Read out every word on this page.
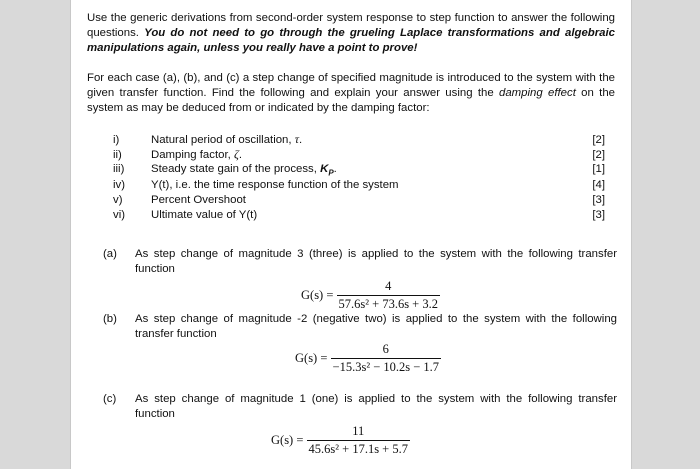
Use the generic derivations from second-order system response to step function to answer the following
questions. You do not need to go through the grueling Laplace transformations and algebraic
manipulations again, unless you really have a point to prove!
For each case (a), (b), and (c) a step change of specified magnitude is introduced to the system with the
given transfer function. Find the following and explain your answer using the damping effect on the
system as may be deduced from or indicated by the damping factor:
i)	Natural period of oscillation, τ.	[2]
ii)	Damping factor, ζ.	[2]
iii)	Steady state gain of the process, $K_P$.	[1]
iv)	Y(t), i.e. the time response function of the system	[4]
v)	Percent Overshoot	[3]
vi)	Ultimate value of Y(t)	[3]
(a)	As step change of magnitude 3 (three) is applied to the system with the following transfer
function
$G(s) = \frac{4}{\text{57.6s² + 73.6s + 3.2}}$
(b)	As step change of magnitude -2 (negative two) is applied to the system with the following
transfer function
$G(s) = \frac{6}{\text{−15.3s² − 10.2s − 1.7}}$
(c)	As step change of magnitude 1 (one) is applied to the system with the following transfer
function
$G(s) = \frac{11}{\text{45.6s² + 17.1s + 5.7}}$
